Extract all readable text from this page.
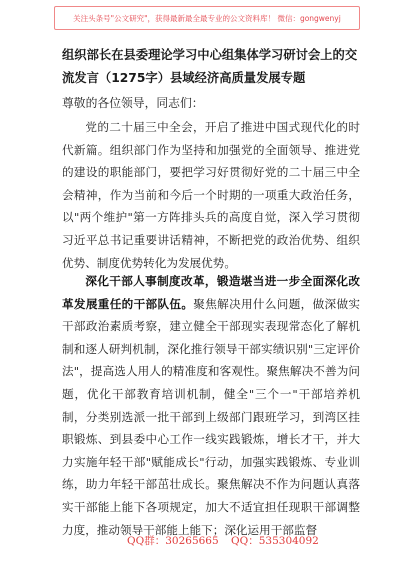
关注头条号"公文研究"，获得最新最全最专业的公文资料库！ 微信：gongwenyj
组织部长在县委理论学习中心组集体学习研讨会上的交流发言（1275字）县域经济高质量发展专题
尊敬的各位领导，同志们：
党的二十届三中全会，开启了推进中国式现代化的时代新篇。组织部门作为坚持和加强党的全面领导、推进党的建设的职能部门，要把学习好贯彻好党的二十届三中全会精神，作为当前和今后一个时期的一项重大政治任务，以"两个维护"第一方阵排头兵的高度自觉，深入学习贯彻习近平总书记重要讲话精神，不断把党的政治优势、组织优势、制度优势转化为发展优势。
深化干部人事制度改革，锻造堪当进一步全面深化改革发展重任的干部队伍。聚焦解决用什么问题，做深做实干部政治素质考察，建立健全干部现实表现常态化了解机制和逐人研判机制，深化推行领导干部实绩识别"三定评价法"，提高选人用人的精准度和客观性。聚焦解决不善为问题，优化干部教育培训机制，健全"三个一"干部培养机制，分类别选派一批干部到上级部门跟班学习，到湾区挂职锻炼、到县委中心工作一线实践锻炼，增长才干，并大力实施年轻干部"赋能成长"行动，加强实践锻炼、专业训练，助力年轻干部茁壮成长。聚焦解决不作为问题认真落实干部能上能下各项规定，加大不适宜担任现职干部调整力度，推动领导干部能上能下；深化运用干部监督
QQ群：30265665 QQ：535304092
